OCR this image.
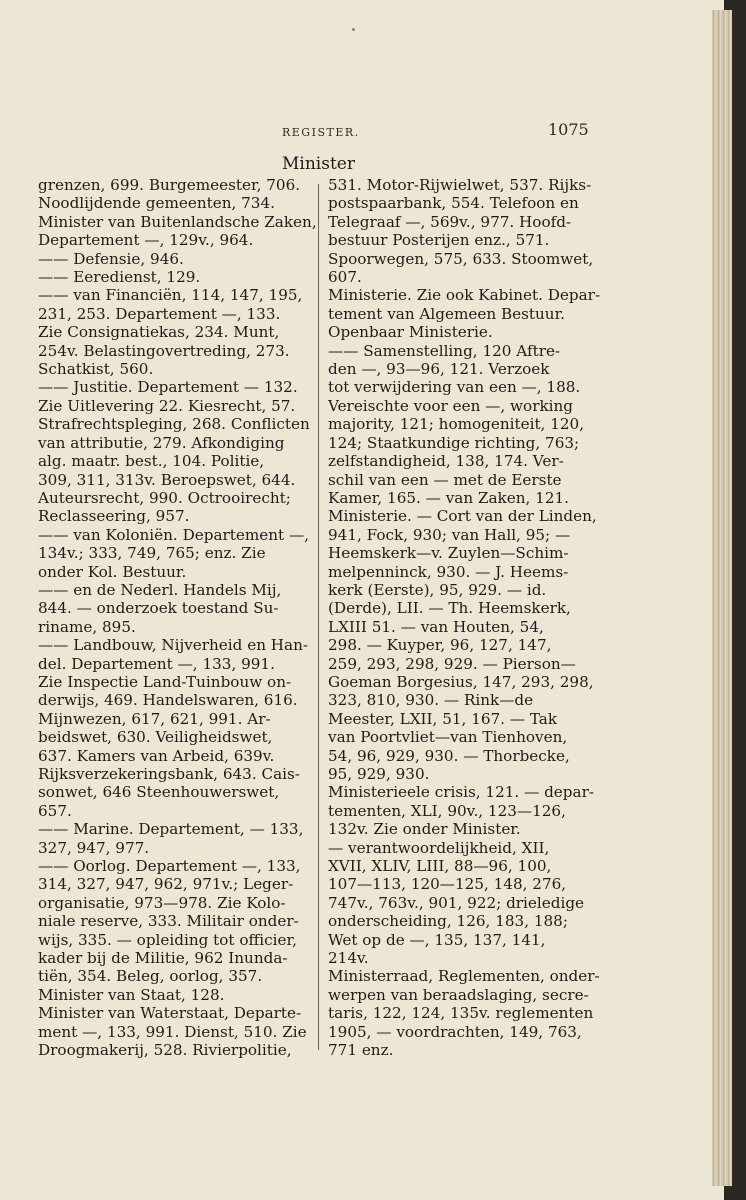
REGISTER.	1075
Minister

grenzen, 699. Burgemeester, 706.

Noodlijdende gemeenten, 734.

Minister van Buitenlandsche Zaken,

Departement —, 129v., 964.

—— Defensie, 946.

—— Eeredienst, 129.

—— van Financiën, 114, 147, 195,

231, 253. Departement —, 133.

Zie Consignatiekas, 234. Munt,

254v. Belastingovertreding, 273.

Schatkist, 560.

—— Justitie. Departement — 132.

Zie Uitlevering 22. Kiesrecht, 57.

Strafrechtspleging, 268. Conflicten

van attributie, 279. Afkondiging

alg. maatr. best., 104. Politie,

309, 311, 313v. Beroepswet, 644.

Auteursrecht, 990. Octrooirecht;

Reclasseering, 957.

—— van Koloniën. Departement —,

134v.; 333, 749, 765; enz. Zie

onder Kol. Bestuur.

—— en de Nederl. Handels Mij,

844. — onderzoek toestand Su-

riname, 895.

—— Landbouw, Nijverheid en Han-

del. Departement —, 133, 991.

Zie Inspectie Land-Tuinbouw on-

derwijs, 469. Handelswaren, 616.

Mijnwezen, 617, 621, 991. Ar-

beidswet, 630. Veiligheidswet,

637. Kamers van Arbeid, 639v.

Rijksverzekeringsbank, 643. Cais-

sonwet, 646 Steenhouwerswet,

657.

—— Marine. Departement, — 133,

327, 947, 977.

—— Oorlog. Departement —, 133,

314, 327, 947, 962, 971v.; Leger-

organisatie, 973—978. Zie Kolo-

niale reserve, 333. Militair onder-

wijs, 335. — opleiding tot officier,

kader bij de Militie, 962 Inunda-

tiën, 354. Beleg, oorlog, 357.

Minister van Staat, 128.

Minister van Waterstaat, Departe-

ment —, 133, 991. Dienst, 510. Zie

Droogmakerij, 528. Rivierpolitie,

531. Motor-Rijwielwet, 537. Rijks-

postspaarbank, 554. Telefoon en

Telegraaf —, 569v., 977. Hoofd-

bestuur Posterijen enz., 571.

Spoorwegen, 575, 633. Stoomwet,

607.

Ministerie. Zie ook Kabinet. Depar-

tement van Algemeen Bestuur.

Openbaar Ministerie.

—— Samenstelling, 120 Aftre-

den —, 93—96, 121. Verzoek

tot verwijdering van een —, 188.

Vereischte voor een —, working

majority, 121; homogeniteit, 120,

124; Staatkundige richting, 763;

zelfstandigheid, 138, 174. Ver-

schil van een — met de Eerste

Kamer, 165. — van Zaken, 121.

Ministerie. — Cort van der Linden,

941, Fock, 930; van Hall, 95; —

Heemskerk—v. Zuylen—Schim-

melpenninck, 930. — J. Heems-

kerk (Eerste), 95, 929. — id.

(Derde), LII. — Th. Heemskerk,

LXIII 51. — van Houten, 54,

298. — Kuyper, 96, 127, 147,

259, 293, 298, 929. — Pierson—

Goeman Borgesius, 147, 293, 298,

323, 810, 930. — Rink—de

Meester, LXII, 51, 167. — Tak

van Poortvliet—van Tienhoven,

54, 96, 929, 930. — Thorbecke,

95, 929, 930.

Ministerieele crisis, 121. — depar-

tementen, XLI, 90v., 123—126,

132v. Zie onder Minister.

— verantwoordelijkheid, XII,

XVII, XLIV, LIII, 88—96, 100,

107—113, 120—125, 148, 276,

747v., 763v., 901, 922; drieledige

onderscheiding, 126, 183, 188;

Wet op de —, 135, 137, 141,

214v.

Ministerraad, Reglementen, onder-

werpen van beraadslaging, secre-

taris, 122, 124, 135v. reglementen

1905, — voordrachten, 149, 763,

771 enz.
